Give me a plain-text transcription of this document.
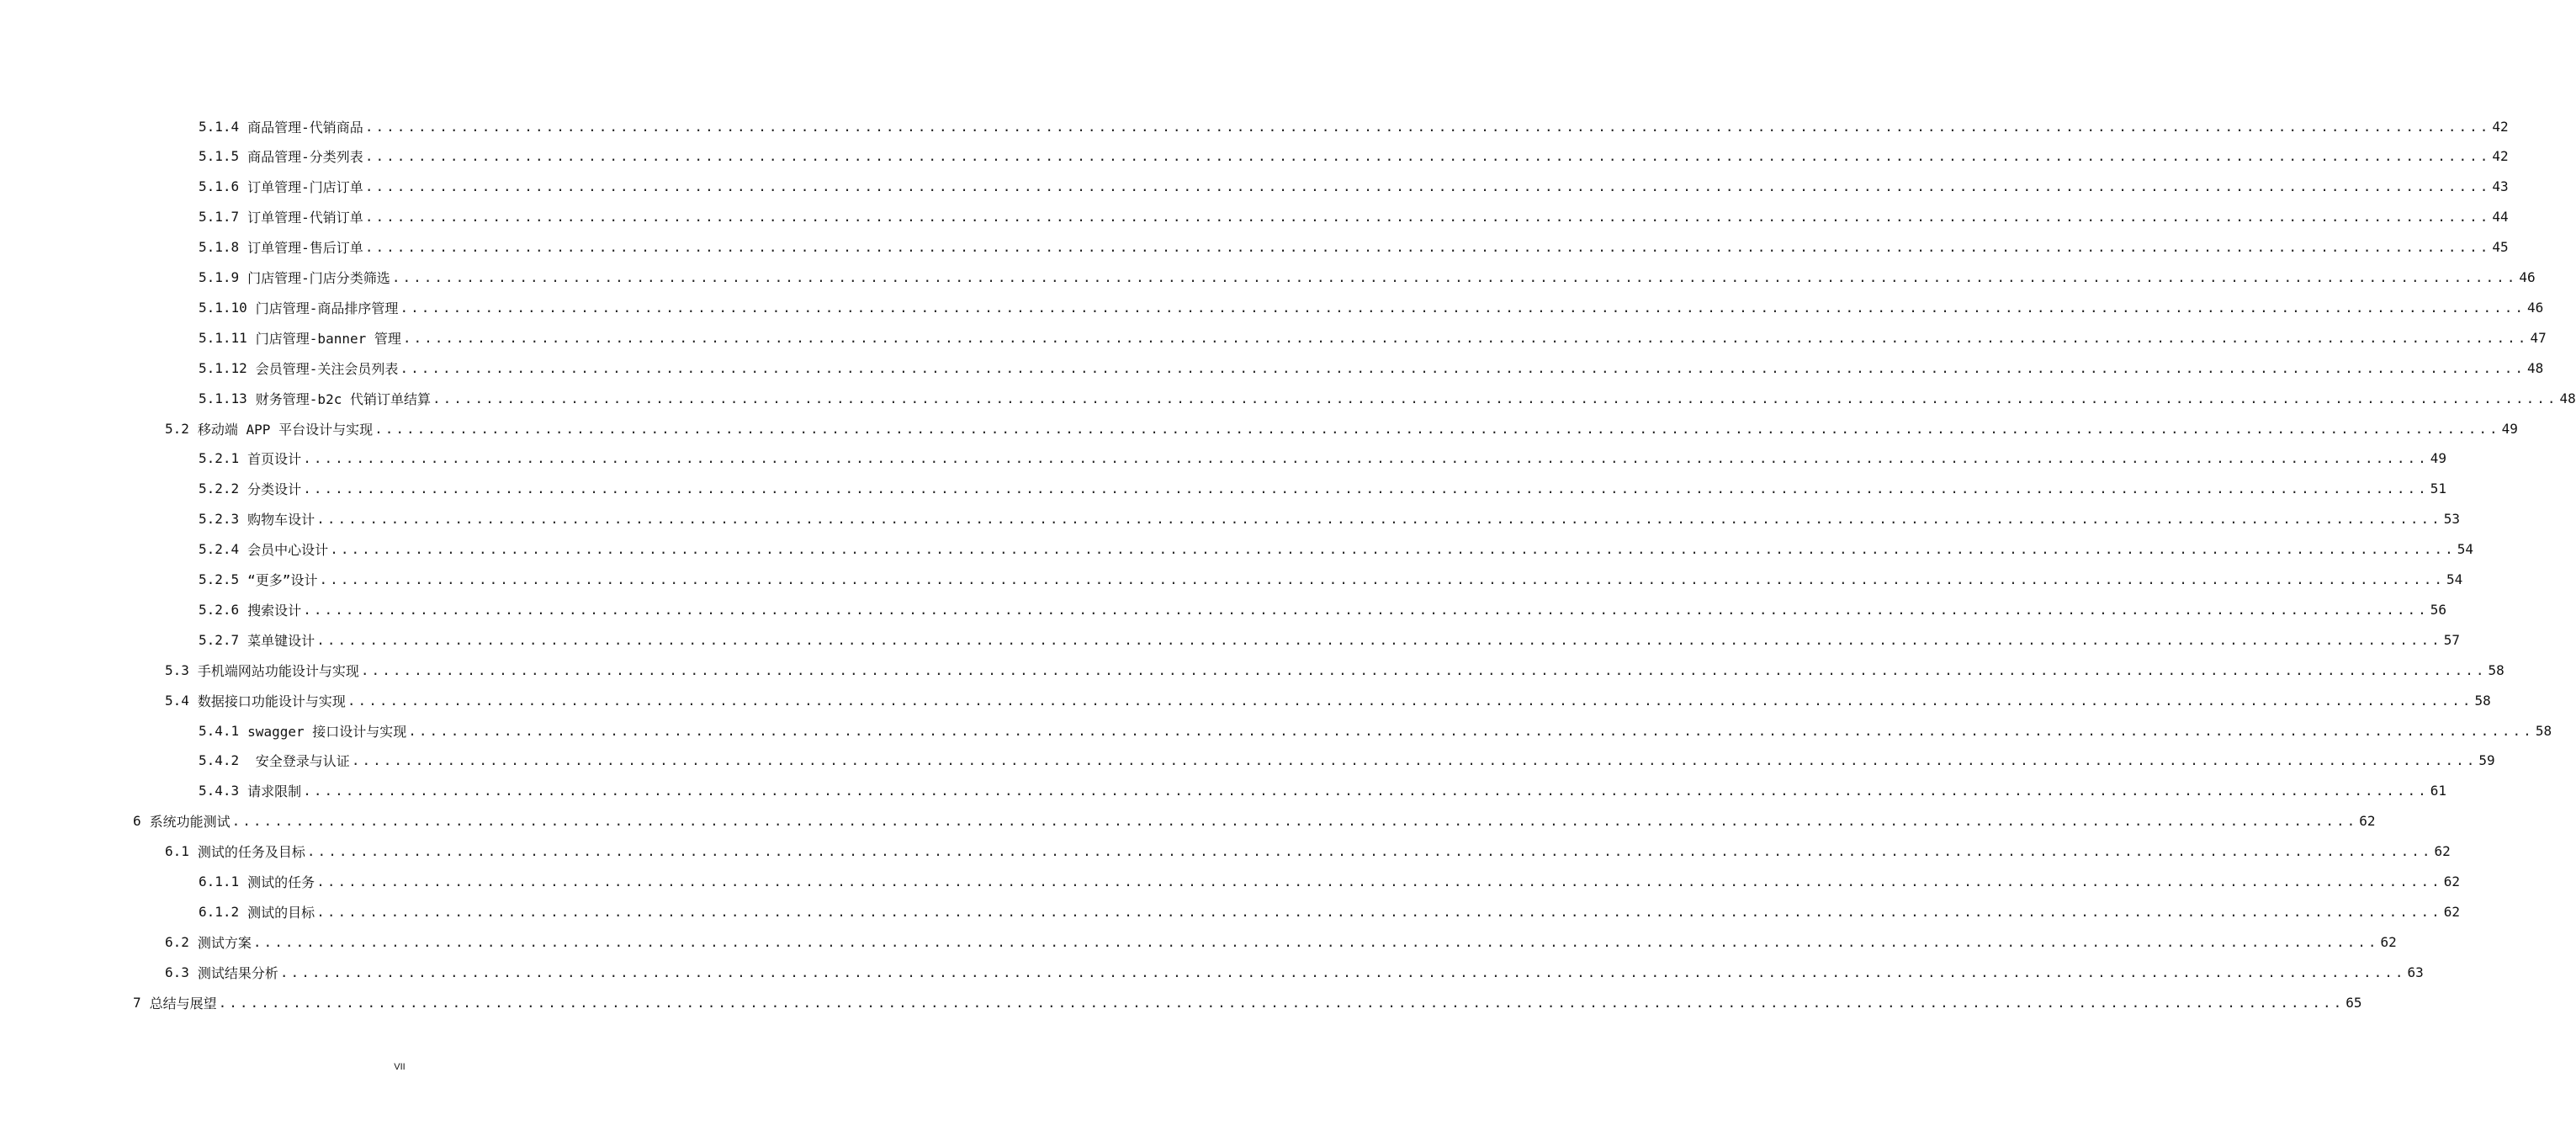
5.1.4 商品管理-代销商品 ........................................................................................................................................................................................................ 42
5.1.5 商品管理-分类列表 ........................................................................................................................................................................................................ 42
5.1.6 订单管理-门店订单 ........................................................................................................................................................................................................ 43
5.1.7 订单管理-代销订单 ........................................................................................................................................................................................................ 44
5.1.8 订单管理-售后订单 ........................................................................................................................................................................................................ 45
5.1.9 门店管理-门店分类筛选 ........................................................................................................................................................................................................ 46
5.1.10 门店管理-商品排序管理 ........................................................................................................................................................................................................ 46
5.1.11 门店管理-banner 管理 ........................................................................................................................................................................................................ 47
5.1.12 会员管理-关注会员列表 ........................................................................................................................................................................................................ 48
5.1.13 财务管理-b2c 代销订单结算 ........................................................................................................................................................................................................ 48
5.2 移动端 APP 平台设计与实现 ........................................................................................................................................................................................................ 49
5.2.1 首页设计 ........................................................................................................................................................................................................ 49
5.2.2 分类设计 ........................................................................................................................................................................................................ 51
5.2.3 购物车设计 ........................................................................................................................................................................................................ 53
5.2.4 会员中心设计 ........................................................................................................................................................................................................ 54
5.2.5 “更多”设计 ........................................................................................................................................................................................................ 54
5.2.6 搜索设计 ........................................................................................................................................................................................................ 56
5.2.7 菜单键设计 ........................................................................................................................................................................................................ 57
5.3 手机端网站功能设计与实现 ........................................................................................................................................................................................................ 58
5.4 数据接口功能设计与实现 ........................................................................................................................................................................................................ 58
5.4.1 swagger 接口设计与实现 ........................................................................................................................................................................................................ 58
5.4.2 安全登录与认证 ........................................................................................................................................................................................................ 59
5.4.3 请求限制 ........................................................................................................................................................................................................ 61
6 系统功能测试 ........................................................................................................................................................................................................ 62
6.1 测试的任务及目标 ........................................................................................................................................................................................................ 62
6.1.1 测试的任务 ........................................................................................................................................................................................................ 62
6.1.2 测试的目标 ........................................................................................................................................................................................................ 62
6.2 测试方案 ........................................................................................................................................................................................................ 62
6.3 测试结果分析 ........................................................................................................................................................................................................ 63
7 总结与展望 ........................................................................................................................................................................................................ 65
VII
